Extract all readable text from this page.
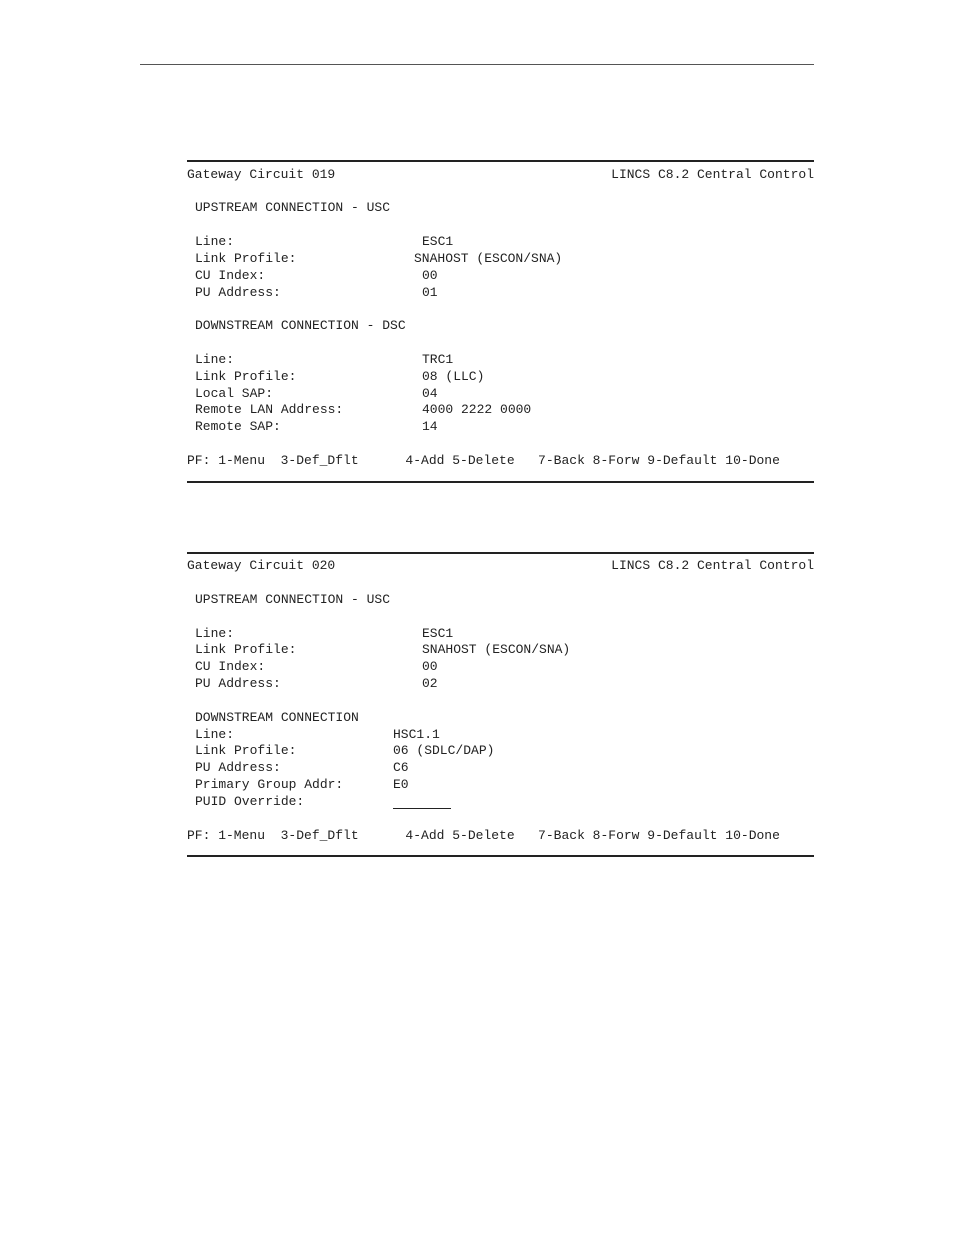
Gateway Circuit 019	LINCS C8.2 Central Control
UPSTREAM CONNECTION - USC
Line:	ESC1
Link Profile:	SNAHOST (ESCON/SNA)
CU Index:	00
PU Address:	01
DOWNSTREAM CONNECTION - DSC
Line:	TRC1
Link Profile:	08 (LLC)
Local SAP:	04
Remote LAN Address:	4000 2222 0000
Remote SAP:	14
PF: 1-Menu  3-Def_Dflt      4-Add 5-Delete   7-Back 8-Forw 9-Default 10-Done
Gateway Circuit 020	LINCS C8.2 Central Control
UPSTREAM CONNECTION - USC
Line:	ESC1
Link Profile:	SNAHOST (ESCON/SNA)
CU Index:	00
PU Address:	02
DOWNSTREAM CONNECTION
Line:	HSC1.1
Link Profile:	06 (SDLC/DAP)
PU Address:	C6
Primary Group Addr:	E0
PUID Override:
PF: 1-Menu  3-Def_Dflt      4-Add 5-Delete   7-Back 8-Forw 9-Default 10-Done
